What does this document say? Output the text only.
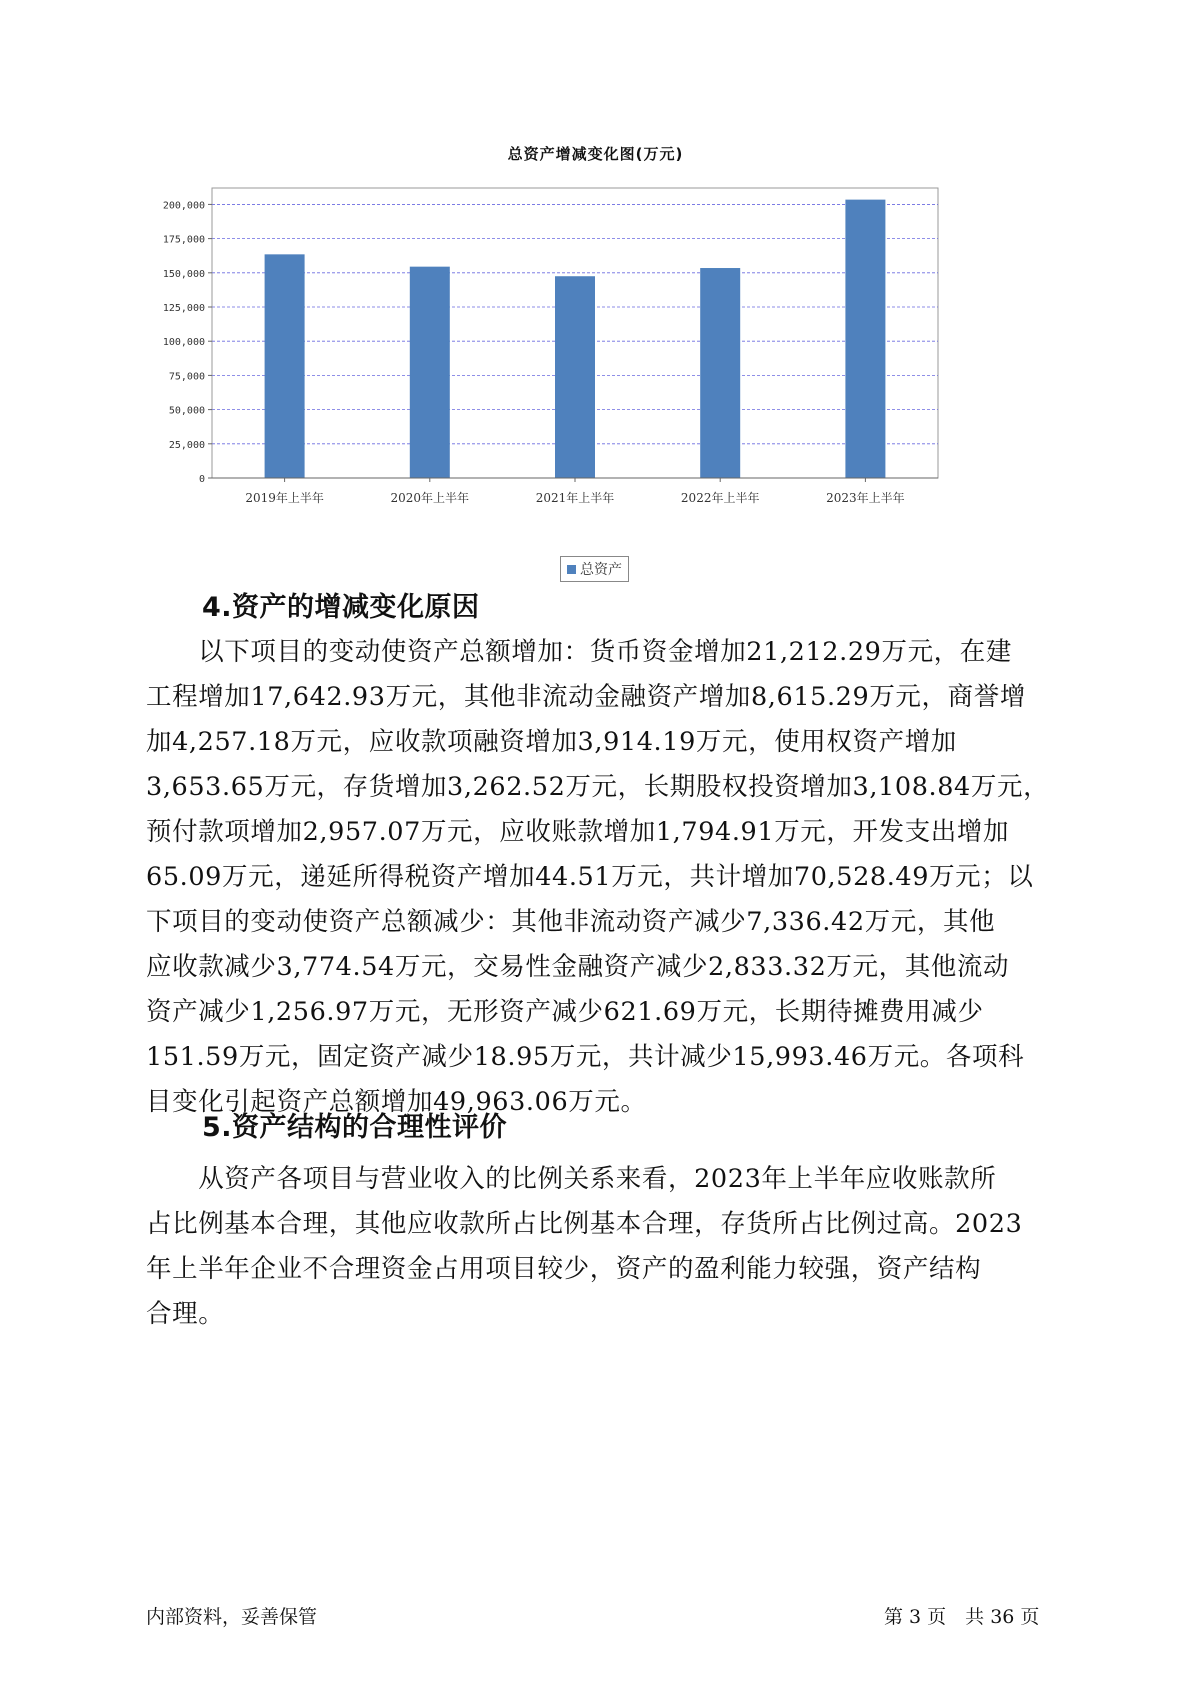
总资产增减变化图(万元)
0
25,000
50,000
75,000
100,000
125,000
150,000
175,000
200,000
2019年上半年	2020年上半年	2021年上半年	2022年上半年	2023年上半年
总资产
4.资产的增减变化原因
　　以下项目的变动使资产总额增加：货币资金增加21,212.29万元，在建
工程增加17,642.93万元，其他非流动金融资产增加8,615.29万元，商誉增
加4,257.18万元，应收款项融资增加3,914.19万元，使用权资产增加
3,653.65万元，存货增加3,262.52万元，长期股权投资增加3,108.84万元，
预付款项增加2,957.07万元，应收账款增加1,794.91万元，开发支出增加
65.09万元，递延所得税资产增加44.51万元，共计增加70,528.49万元；以
下项目的变动使资产总额减少：其他非流动资产减少7,336.42万元，其他
应收款减少3,774.54万元，交易性金融资产减少2,833.32万元，其他流动
资产减少1,256.97万元，无形资产减少621.69万元，长期待摊费用减少
151.59万元，固定资产减少18.95万元，共计减少15,993.46万元。各项科
目变化引起资产总额增加49,963.06万元。
5.资产结构的合理性评价
　　从资产各项目与营业收入的比例关系来看，2023年上半年应收账款所
占比例基本合理，其他应收款所占比例基本合理，存货所占比例过高。2023
年上半年企业不合理资金占用项目较少，资产的盈利能力较强，资产结构
合理。
内部资料，妥善保管	第 3 页　共 36 页
